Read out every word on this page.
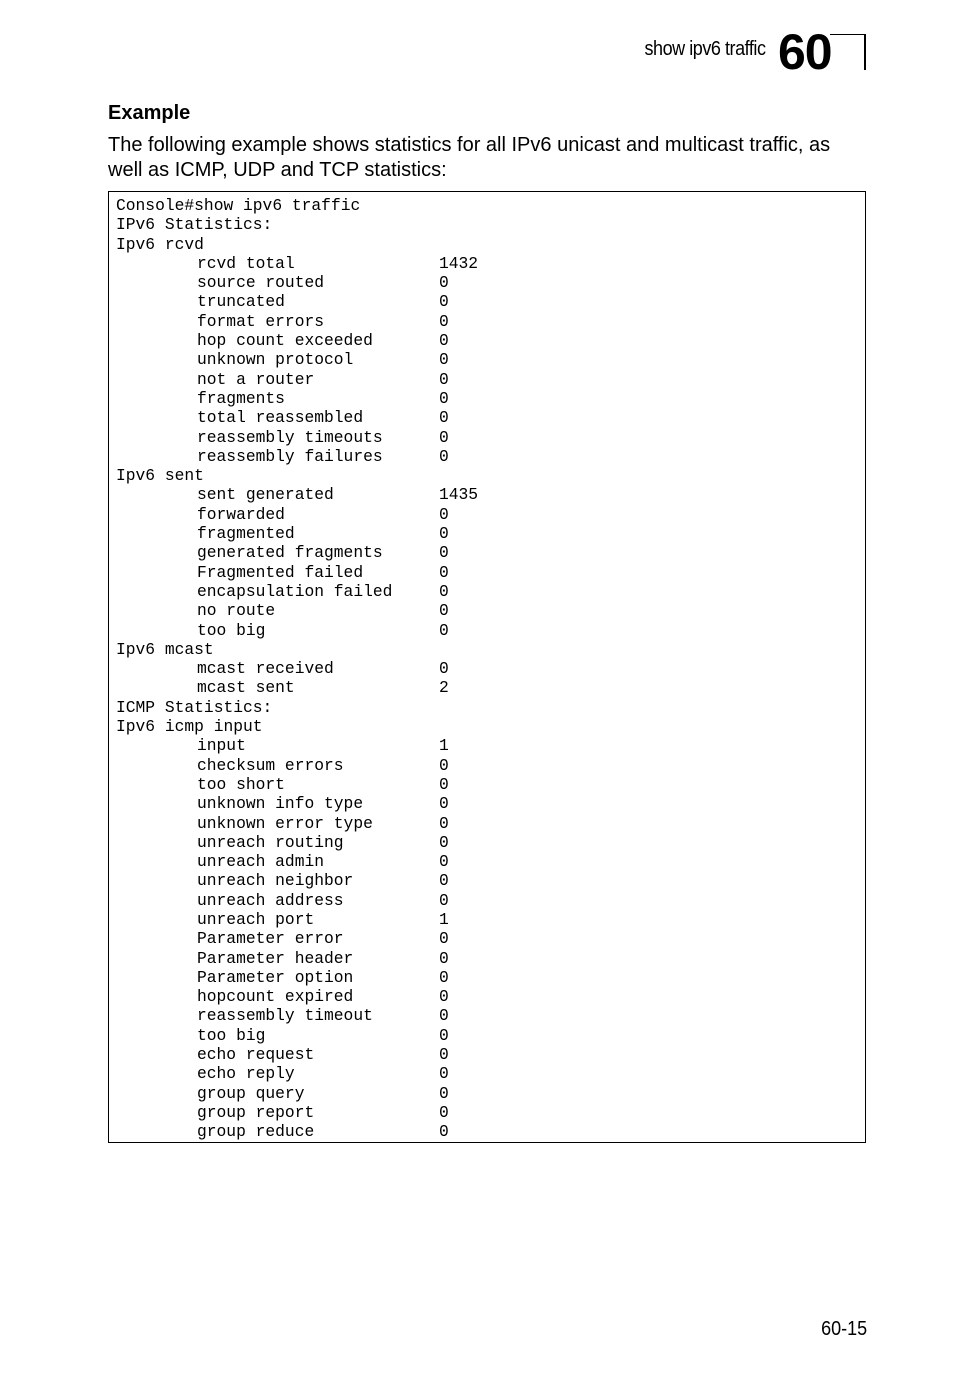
show ipv6 traffic 60
Example
The following example shows statistics for all IPv6 unicast and multicast traffic, as well as ICMP, UDP and TCP statistics:
Console#show ipv6 traffic
IPv6 Statistics:
Ipv6 rcvd
rcvd total	1432
source routed	0
truncated	0
format errors	0
hop count exceeded	0
unknown protocol	0
not a router	0
fragments	0
total reassembled	0
reassembly timeouts	0
reassembly failures	0
Ipv6 sent
sent generated	1435
forwarded	0
fragmented	0
generated fragments	0
Fragmented failed	0
encapsulation failed	0
no route	0
too big	0
Ipv6 mcast
mcast received	0
mcast sent	2
ICMP Statistics:
Ipv6 icmp input
input	1
checksum errors	0
too short	0
unknown info type	0
unknown error type	0
unreach routing	0
unreach admin	0
unreach neighbor	0
unreach address	0
unreach port	1
Parameter error	0
Parameter header	0
Parameter option	0
hopcount expired	0
reassembly timeout	0
too big	0
echo request	0
echo reply	0
group query	0
group report	0
group reduce	0
60-15
